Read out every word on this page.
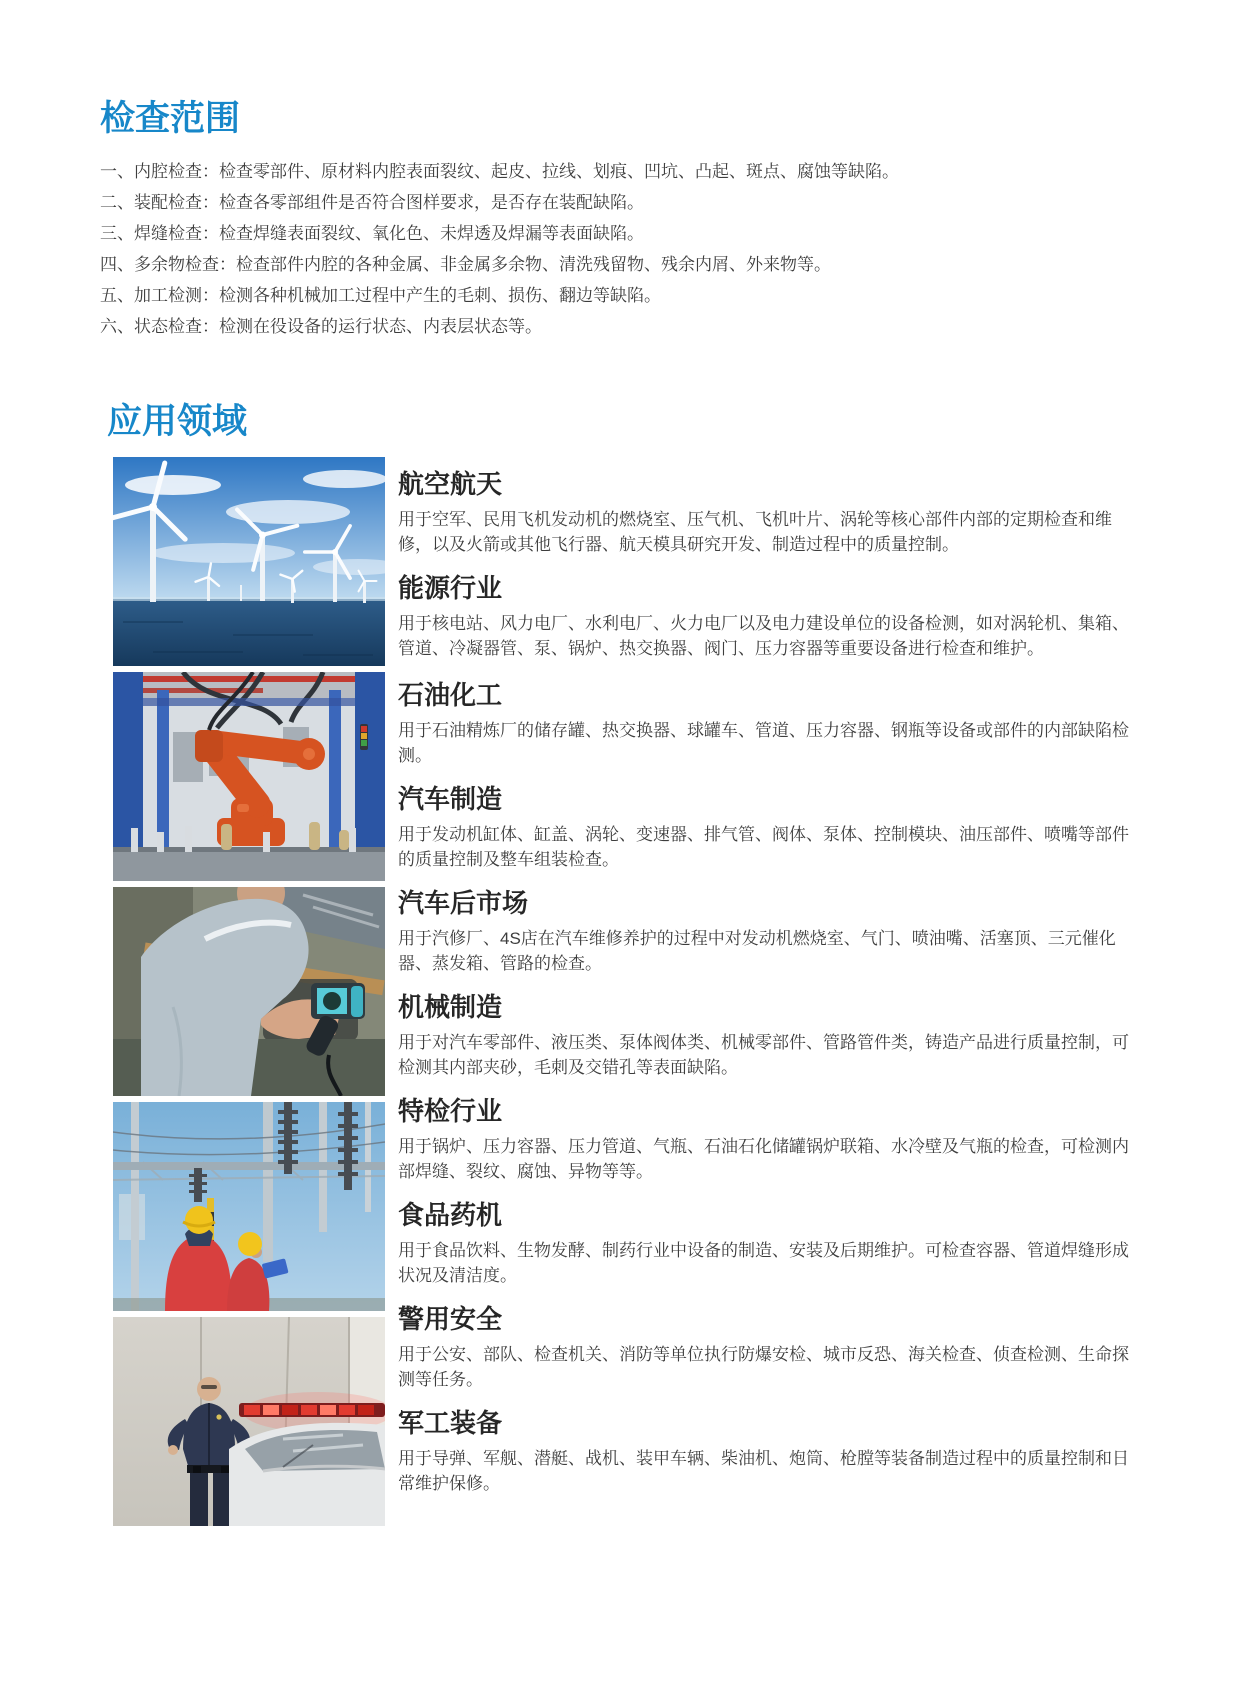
检查范围
一、内腔检查：检查零部件、原材料内腔表面裂纹、起皮、拉线、划痕、凹坑、凸起、斑点、腐蚀等缺陷。
二、装配检查：检查各零部组件是否符合图样要求，是否存在装配缺陷。
三、焊缝检查：检查焊缝表面裂纹、氧化色、未焊透及焊漏等表面缺陷。
四、多余物检查：检查部件内腔的各种金属、非金属多余物、清洗残留物、残余内屑、外来物等。
五、加工检测：检测各种机械加工过程中产生的毛刺、损伤、翻边等缺陷。
六、状态检查：检测在役设备的运行状态、内表层状态等。
应用领域
航空航天

用于空军、民用飞机发动机的燃烧室、压气机、飞机叶片、涡轮等核心部件内部的定期检查和维修，以及火箭或其他飞行器、航天模具研究开发、制造过程中的质量控制。

能源行业

用于核电站、风力电厂、水利电厂、火力电厂以及电力建设单位的设备检测，如对涡轮机、集箱、管道、冷凝器管、泵、锅炉、热交换器、阀门、压力容器等重要设备进行检查和维护。

石油化工

用于石油精炼厂的储存罐、热交换器、球罐车、管道、压力容器、钢瓶等设备或部件的内部缺陷检测。

汽车制造

用于发动机缸体、缸盖、涡轮、变速器、排气管、阀体、泵体、控制模块、油压部件、喷嘴等部件的质量控制及整车组装检查。

汽车后市场

用于汽修厂、4S店在汽车维修养护的过程中对发动机燃烧室、气门、喷油嘴、活塞顶、三元催化器、蒸发箱、管路的检查。

机械制造

用于对汽车零部件、液压类、泵体阀体类、机械零部件、管路管件类，铸造产品进行质量控制，可检测其内部夹砂，毛刺及交错孔等表面缺陷。

特检行业

用于锅炉、压力容器、压力管道、气瓶、石油石化储罐锅炉联箱、水冷壁及气瓶的检查，可检测内部焊缝、裂纹、腐蚀、异物等等。

食品药机

用于食品饮料、生物发酵、制药行业中设备的制造、安装及后期维护。可检查容器、管道焊缝形成状况及清洁度。

警用安全

用于公安、部队、检查机关、消防等单位执行防爆安检、城市反恐、海关检查、侦查检测、生命探测等任务。

军工装备

用于导弹、军舰、潜艇、战机、装甲车辆、柴油机、炮筒、枪膛等装备制造过程中的质量控制和日常维护保修。
